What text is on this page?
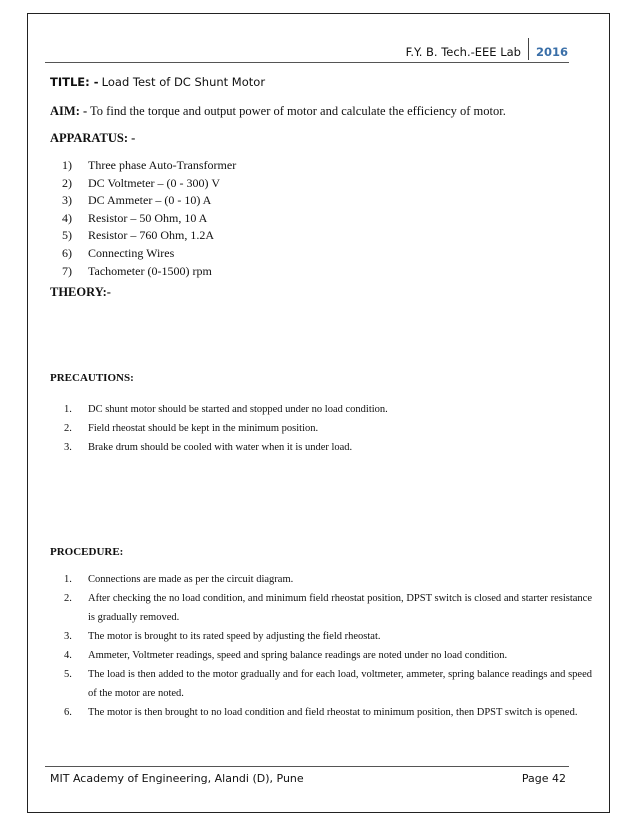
F.Y. B. Tech.-EEE Lab	2016
TITLE: - Load Test of DC Shunt Motor
AIM: - To find the torque and output power of motor and calculate the efficiency of motor.
APPARATUS: -
1)	Three phase Auto-Transformer
2)	DC Voltmeter – (0 - 300) V
3)	DC Ammeter – (0 - 10) A
4)	Resistor – 50 Ohm, 10 A
5)	Resistor – 760 Ohm, 1.2A
6)	Connecting Wires
7)	Tachometer (0-1500) rpm
THEORY:-
PRECAUTIONS:
1.	DC shunt motor should be started and stopped under no load condition.
2.	Field rheostat should be kept in the minimum position.
3.	Brake drum should be cooled with water when it is under load.
PROCEDURE:
1.	Connections are made as per the circuit diagram.
2.	After checking the no load condition, and minimum field rheostat position, DPST switch is closed and starter resistance is gradually removed.
3.	The motor is brought to its rated speed by adjusting the field rheostat.
4.	Ammeter, Voltmeter readings, speed and spring balance readings are noted under no load condition.
5.	The load is then added to the motor gradually and for each load, voltmeter, ammeter, spring balance readings and speed of the motor are noted.
6.	The motor is then brought to no load condition and field rheostat to minimum position, then DPST switch is opened.
MIT Academy of Engineering, Alandi (D), Pune	Page 42
